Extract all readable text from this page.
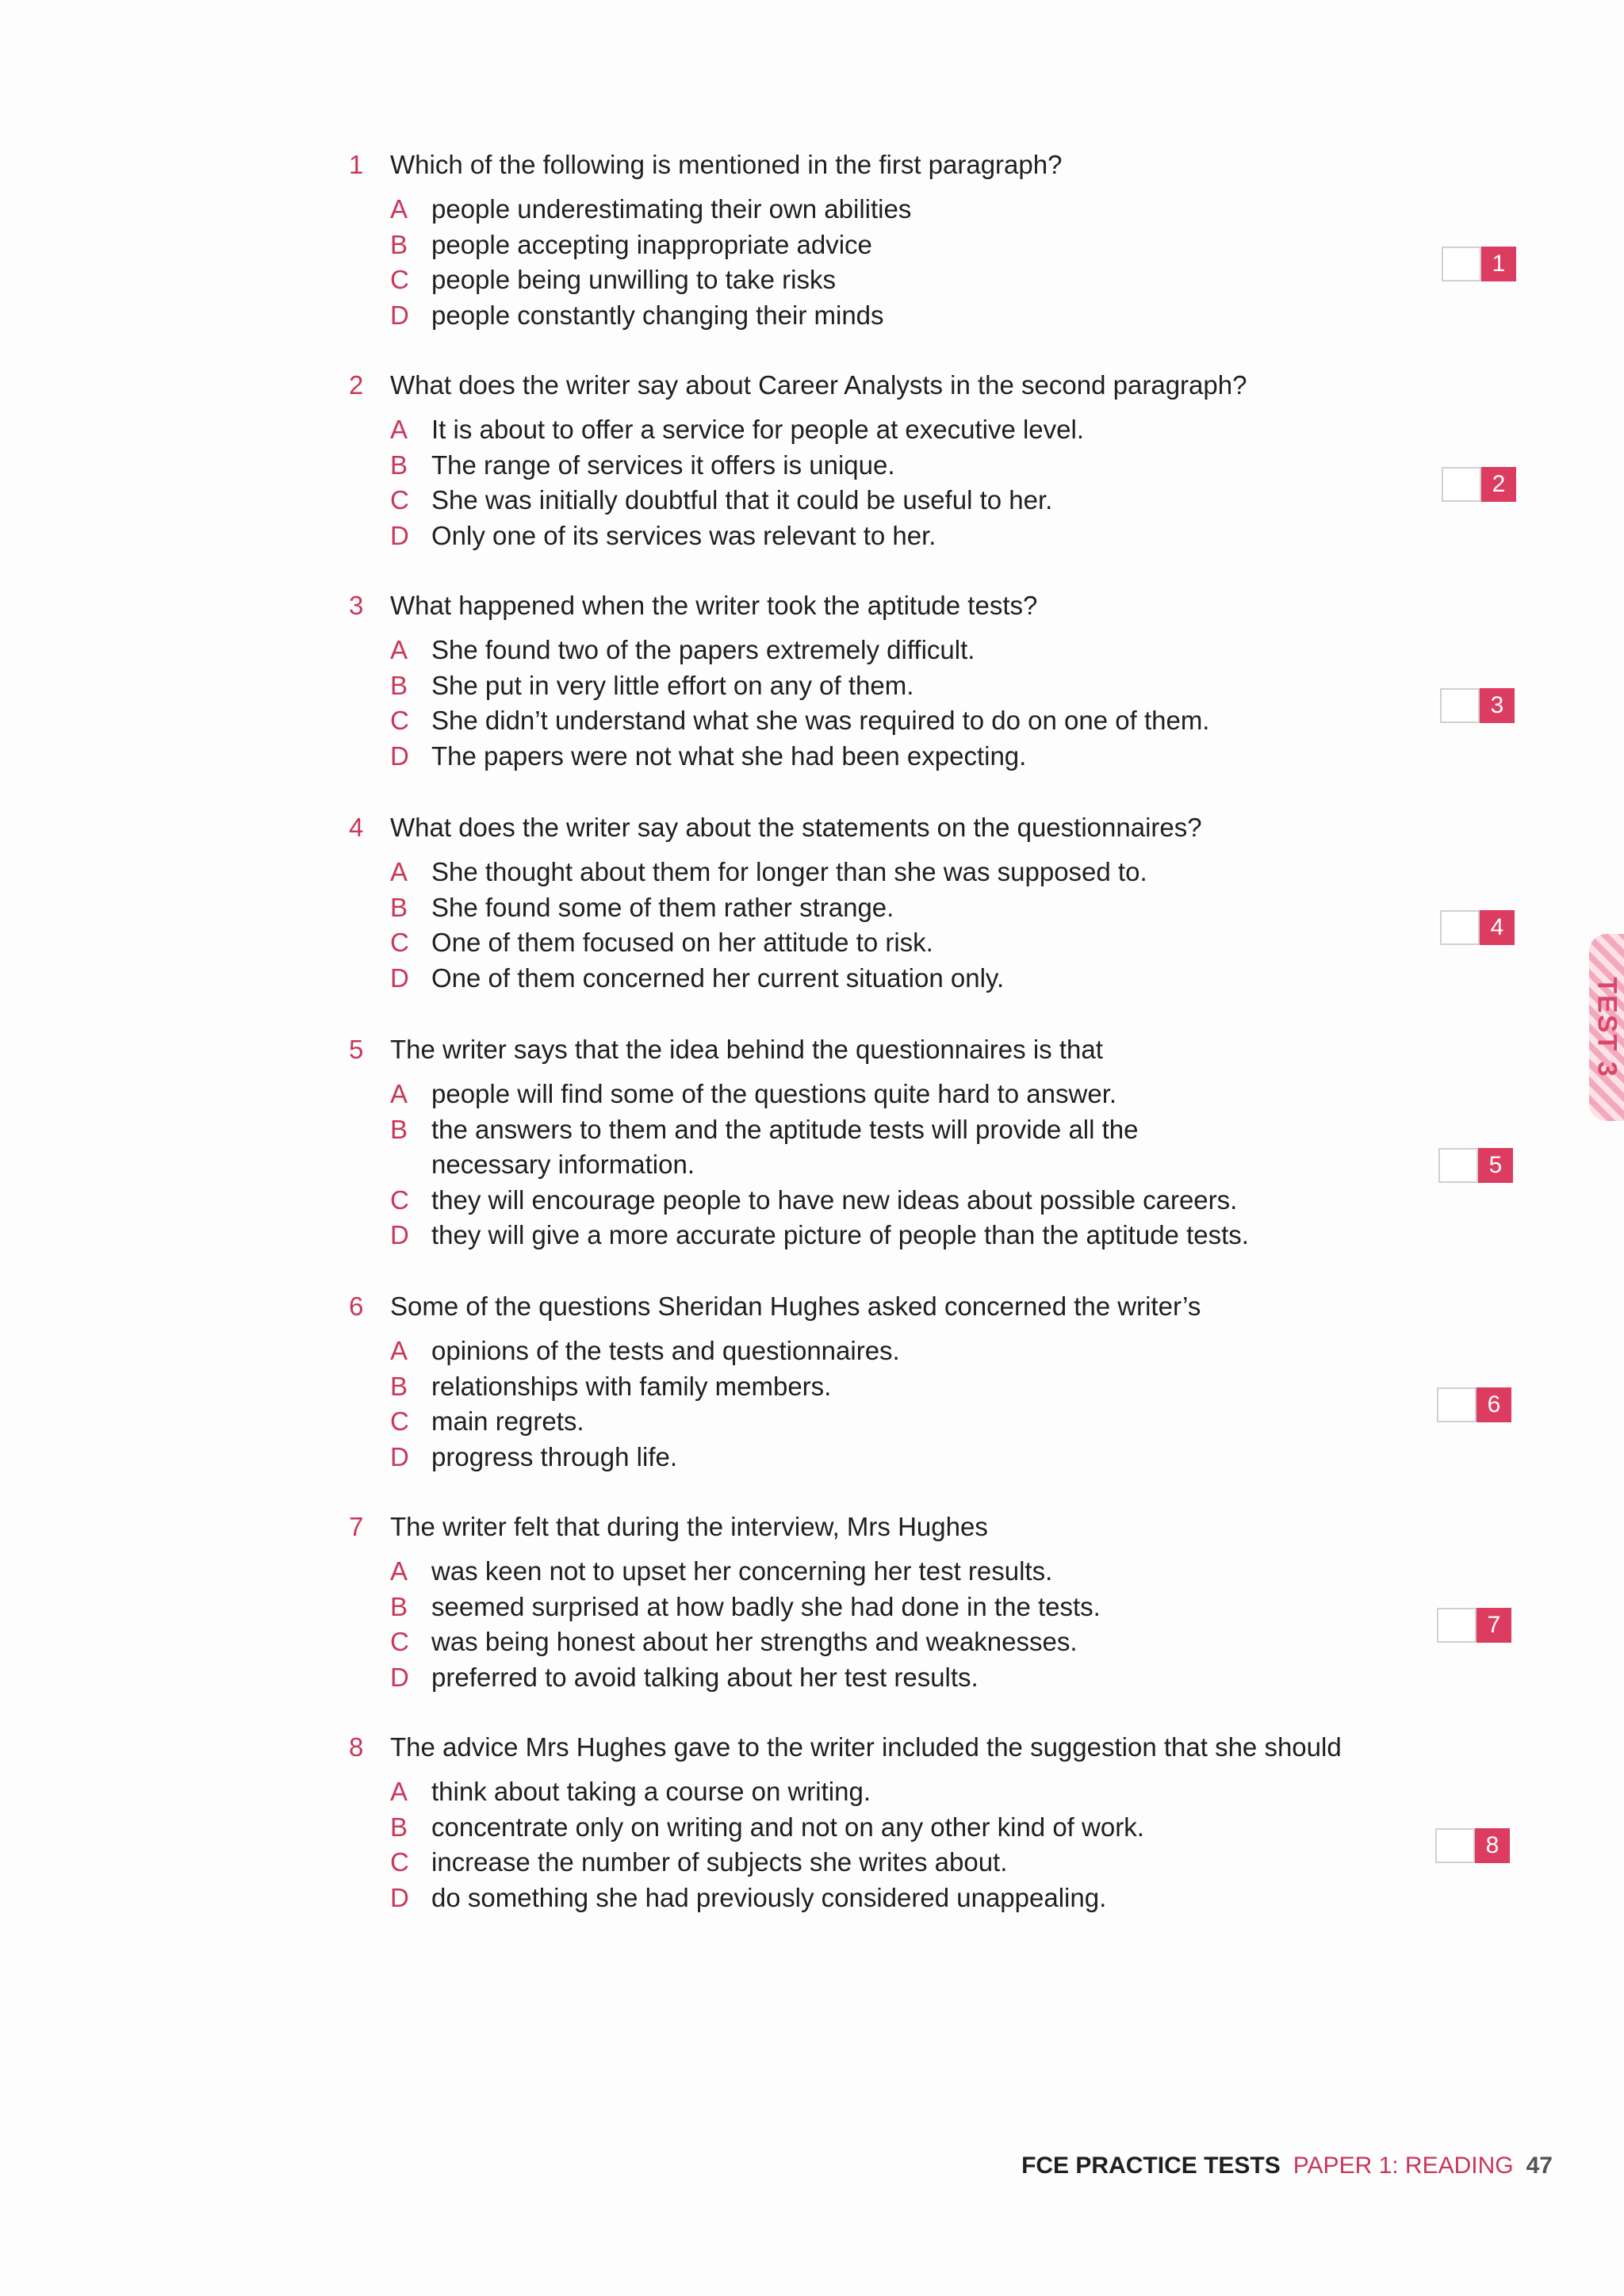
1	Which of the following is mentioned in the first paragraph?
A people underestimating their own abilities
B people accepting inappropriate advice
C people being unwilling to take risks
D people constantly changing their minds
1
2	What does the writer say about Career Analysts in the second paragraph?
A It is about to offer a service for people at executive level.
B The range of services it offers is unique.
C She was initially doubtful that it could be useful to her.
D Only one of its services was relevant to her.
2
3	What happened when the writer took the aptitude tests?
A She found two of the papers extremely difficult.
B She put in very little effort on any of them.
C She didn’t understand what she was required to do on one of them.
D The papers were not what she had been expecting.
3
4	What does the writer say about the statements on the questionnaires?
A She thought about them for longer than she was supposed to.
B She found some of them rather strange.
C One of them focused on her attitude to risk.
D One of them concerned her current situation only.
4
5	The writer says that the idea behind the questionnaires is that
A people will find some of the questions quite hard to answer.
B the answers to them and the aptitude tests will provide all the necessary information.
C they will encourage people to have new ideas about possible careers.
D they will give a more accurate picture of people than the aptitude tests.
5
6	Some of the questions Sheridan Hughes asked concerned the writer’s
A opinions of the tests and questionnaires.
B relationships with family members.
C main regrets.
D progress through life.
6
7	The writer felt that during the interview, Mrs Hughes
A was keen not to upset her concerning her test results.
B seemed surprised at how badly she had done in the tests.
C was being honest about her strengths and weaknesses.
D preferred to avoid talking about her test results.
7
8	The advice Mrs Hughes gave to the writer included the suggestion that she should
A think about taking a course on writing.
B concentrate only on writing and not on any other kind of work.
C increase the number of subjects she writes about.
D do something she had previously considered unappealing.
8
TEST 3
FCE PRACTICE TESTS PAPER 1: READING 47
